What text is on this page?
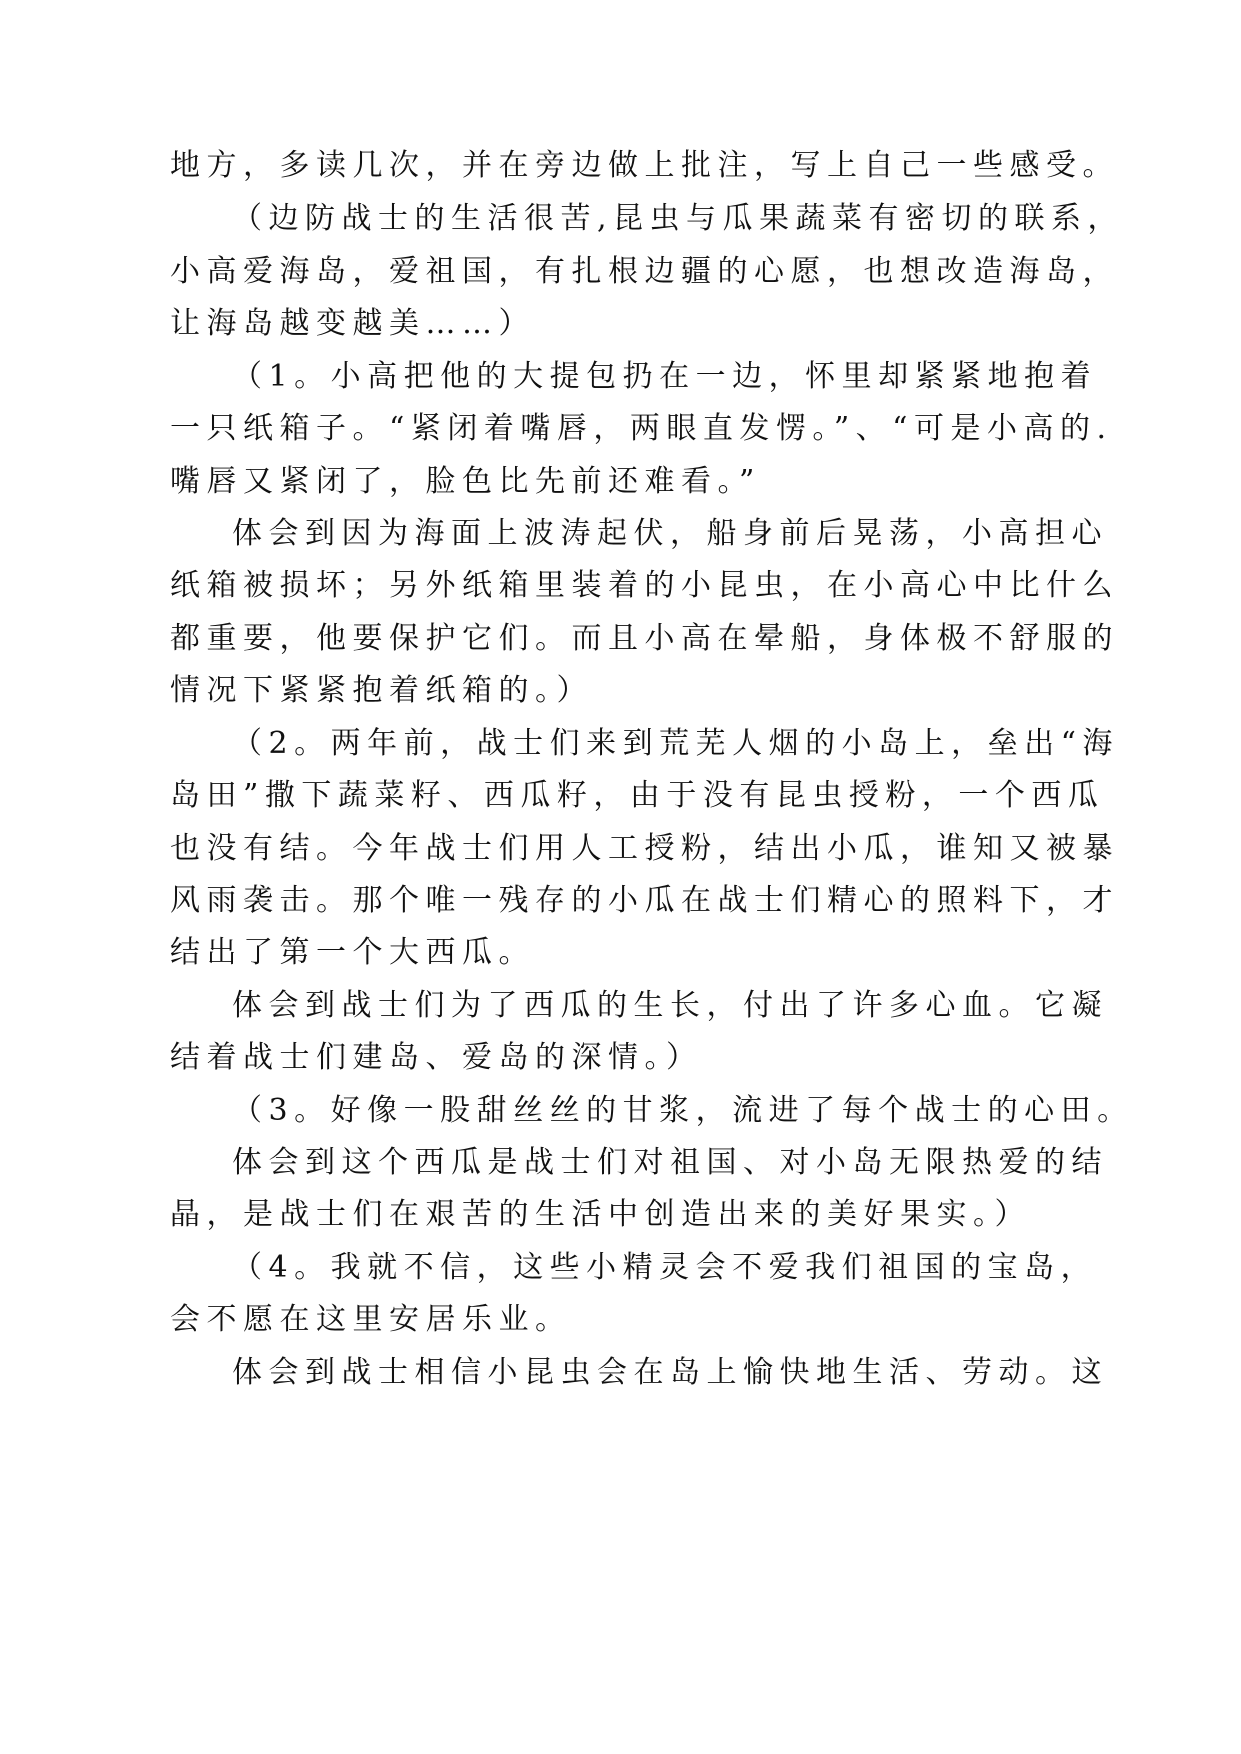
地方，多读几次，并在旁边做上批注，写上自己一些感受。

（边防战士的生活很苦,昆虫与瓜果蔬菜有密切的联系，

小高爱海岛，爱祖国，有扎根边疆的心愿，也想改造海岛，

让海岛越变越美……）

（1。小高把他的大提包扔在一边，怀里却紧紧地抱着

一只纸箱子。“紧闭着嘴唇，两眼直发愣。”、“可是小高的.

嘴唇又紧闭了，脸色比先前还难看。”

体会到因为海面上波涛起伏，船身前后晃荡，小高担心

纸箱被损坏；另外纸箱里装着的小昆虫，在小高心中比什么

都重要，他要保护它们。而且小高在晕船，身体极不舒服的

情况下紧紧抱着纸箱的。）

（2。两年前，战士们来到荒芜人烟的小岛上，垒出“海

岛田”撒下蔬菜籽、西瓜籽，由于没有昆虫授粉，一个西瓜

也没有结。今年战士们用人工授粉，结出小瓜，谁知又被暴

风雨袭击。那个唯一残存的小瓜在战士们精心的照料下，才

结出了第一个大西瓜。

体会到战士们为了西瓜的生长，付出了许多心血。它凝

结着战士们建岛、爱岛的深情。）

（3。好像一股甜丝丝的甘浆，流进了每个战士的心田。

体会到这个西瓜是战士们对祖国、对小岛无限热爱的结

晶，是战士们在艰苦的生活中创造出来的美好果实。）

（4。我就不信，这些小精灵会不爱我们祖国的宝岛，

会不愿在这里安居乐业。

体会到战士相信小昆虫会在岛上愉快地生活、劳动。这
